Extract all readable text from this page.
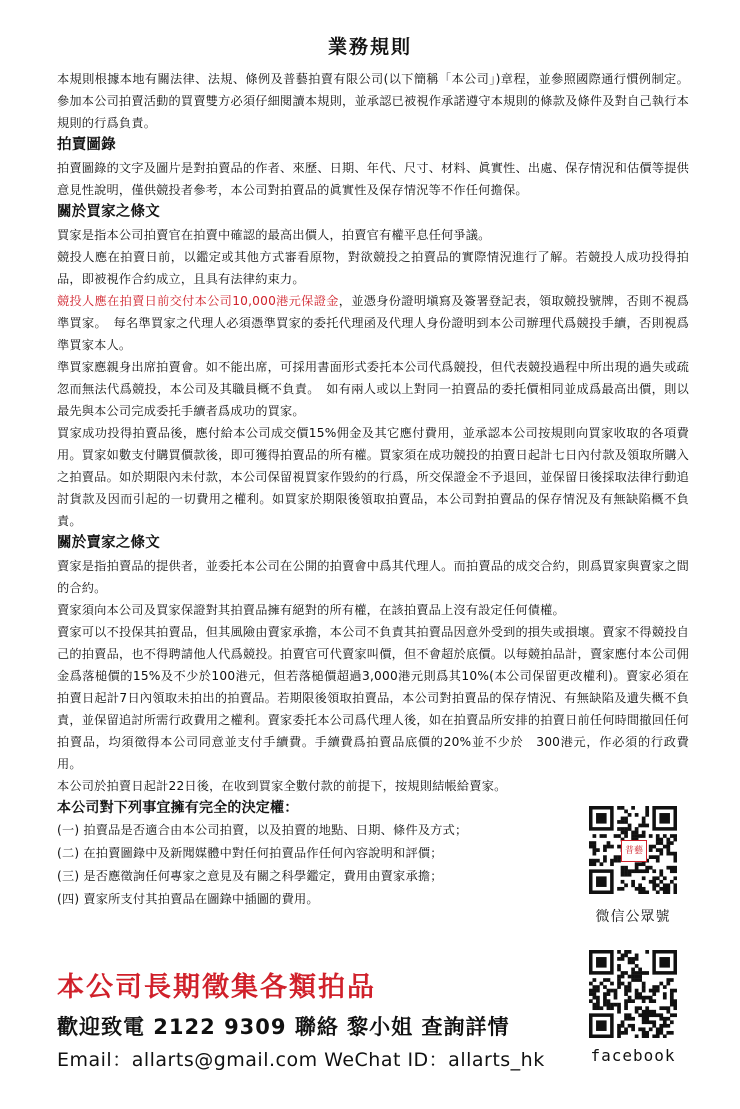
業務規則

本規則根據本地有關法律、法規、條例及普藝拍賣有限公司(以下簡稱「本公司」)章程，並參照國際通行慣例制定。參加本公司拍賣活動的買賣雙方必須仔細閱讀本規則，並承認已被視作承諾遵守本規則的條款及條件及對自己執行本規則的行爲負責。

拍賣圖錄

拍賣圖錄的文字及圖片是對拍賣品的作者、來歷、日期、年代、尺寸、材料、眞實性、出處、保存情況和估價等提供意見性說明，僅供競投者參考，本公司對拍賣品的眞實性及保存情況等不作任何擔保。

關於買家之條文

買家是指本公司拍賣官在拍賣中確認的最高出價人，拍賣官有權平息任何爭議。

競投人應在拍賣日前，以鑑定或其他方式審看原物，對欲競投之拍賣品的實際情況進行了解。若競投人成功投得拍品，即被視作合約成立，且具有法律約束力。

競投人應在拍賣日前交付本公司10,000港元保證金，並憑身份證明塡寫及簽署登記表，領取競投號牌，否則不視爲準買家。　每名準買家之代理人必須憑準買家的委托代理函及代理人身份證明到本公司辦理代爲競投手續，否則視爲準買家本人。

準買家應親身出席拍賣會。如不能出席，可採用書面形式委托本公司代爲競投，但代表競投過程中所出現的過失或疏忽而無法代爲競投，本公司及其職員概不負責。　如有兩人或以上對同一拍賣品的委托價相同並成爲最高出價，則以最先與本公司完成委托手續者爲成功的買家。

買家成功投得拍賣品後，應付給本公司成交價15%佣金及其它應付費用，並承認本公司按規則向買家收取的各項費用。買家如數支付購買價款後，即可獲得拍賣品的所有權。買家須在成功競投的拍賣日起計七日內付款及領取所購入之拍賣品。如於期限內未付款，本公司保留視買家作毀約的行爲，所交保證金不予退回，並保留日後採取法律行動追討貨款及因而引起的一切費用之權利。如買家於期限後領取拍賣品，本公司對拍賣品的保存情況及有無缺陷概不負責。

關於賣家之條文

賣家是指拍賣品的提供者，並委托本公司在公開的拍賣會中爲其代理人。而拍賣品的成交合約，則爲買家與賣家之間的合約。

賣家須向本公司及買家保證對其拍賣品擁有絕對的所有權，在該拍賣品上沒有設定任何債權。

賣家可以不投保其拍賣品，但其風險由賣家承擔，本公司不負責其拍賣品因意外受到的損失或損壞。賣家不得競投自己的拍賣品，也不得聘請他人代爲競投。拍賣官可代賣家叫價，但不會超於底價。以每競拍品計，賣家應付本公司佣金爲落槌價的15%及不少於100港元，但若落槌價超過3,000港元則爲其10%(本公司保留更改權利)。賣家必須在拍賣日起計7日內領取未拍出的拍賣品。若期限後領取拍賣品，本公司對拍賣品的保存情況、有無缺陷及遺失概不負責，並保留追討所需行政費用之權利。賣家委托本公司爲代理人後，如在拍賣品所安排的拍賣日前任何時間撤回任何拍賣品，均須徵得本公司同意並支付手續費。手續費爲拍賣品底價的20%並不少於　300港元，作必須的行政費用。

本公司於拍賣日起計22日後，在收到買家全數付款的前提下，按規則結帳給賣家。

本公司對下列事宜擁有完全的決定權：
(一) 拍賣品是否適合由本公司拍賣，以及拍賣的地點、日期、條件及方式；
(二) 在拍賣圖錄中及新聞媒體中對任何拍賣品作任何內容說明和評價；
(三) 是否應徵詢任何專家之意見及有關之科學鑑定，費用由賣家承擔；
(四) 賣家所支付其拍賣品在圖錄中插圖的費用。
普藝
微信公眾號
facebook
本公司長期徵集各類拍品
歡迎致電 2122 9309 聯絡 黎小姐 查詢詳情
Email：allarts@gmail.com WeChat ID：allarts_hk
